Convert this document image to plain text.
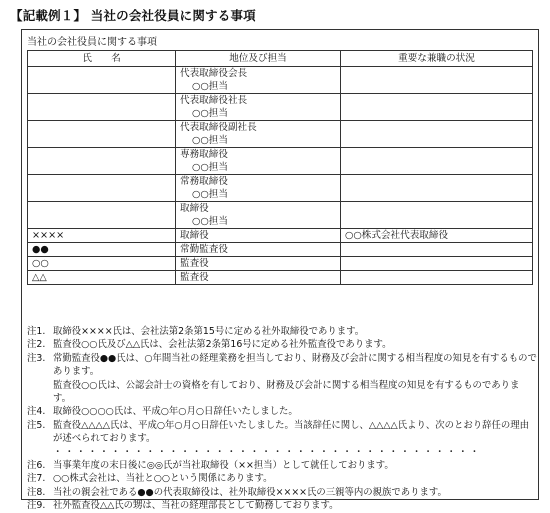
【記載例１】 当社の会社役員に関する事項
当社の会社役員に関する事項
氏　　名	地位及び担当	重要な兼職の状況

	代表取締役会長
○○担当	

	代表取締役社長
○○担当	

	代表取締役副社長
○○担当	

	専務取締役
○○担当	

	常務取締役
○○担当	

	取締役
○○担当	

××××	取締役	○○株式会社代表取締役
●●	常勤監査役	
○○	監査役	
△△	監査役	
注1. 取締役××××氏は、会社法第2条第15号に定める社外取締役であります。
注2. 監査役○○氏及び△△氏は、会社法第2条第16号に定める社外監査役であります。
注3. 常勤監査役●●氏は、○年間当社の経理業務を担当しており、財務及び会計に関する相当程度の知見を有するものであります。
監査役○○氏は、公認会計士の資格を有しており、財務及び会計に関する相当程度の知見を有するものであります。
注4. 取締役○○○○氏は、平成○年○月○日辞任いたしました。
注5. 監査役△△△△氏は、平成○年○月○日辞任いたしました。当該辞任に関し、△△△△氏より、次のとおり辞任の理由が述べられております。
・・・・・・・・・・・・・・・・・・・・・・・・・・・・・・・・・・・・・
注6. 当事業年度の末日後に◎◎氏が当社取締役（××担当）として就任しております。
注7. ○○株式会社は、当社と○○という関係にあります。
注8. 当社の親会社である●●の代表取締役は、社外取締役××××氏の三親等内の親族であります。
注9. 社外監査役△△氏の甥は、当社の経理部長として勤務しております。
